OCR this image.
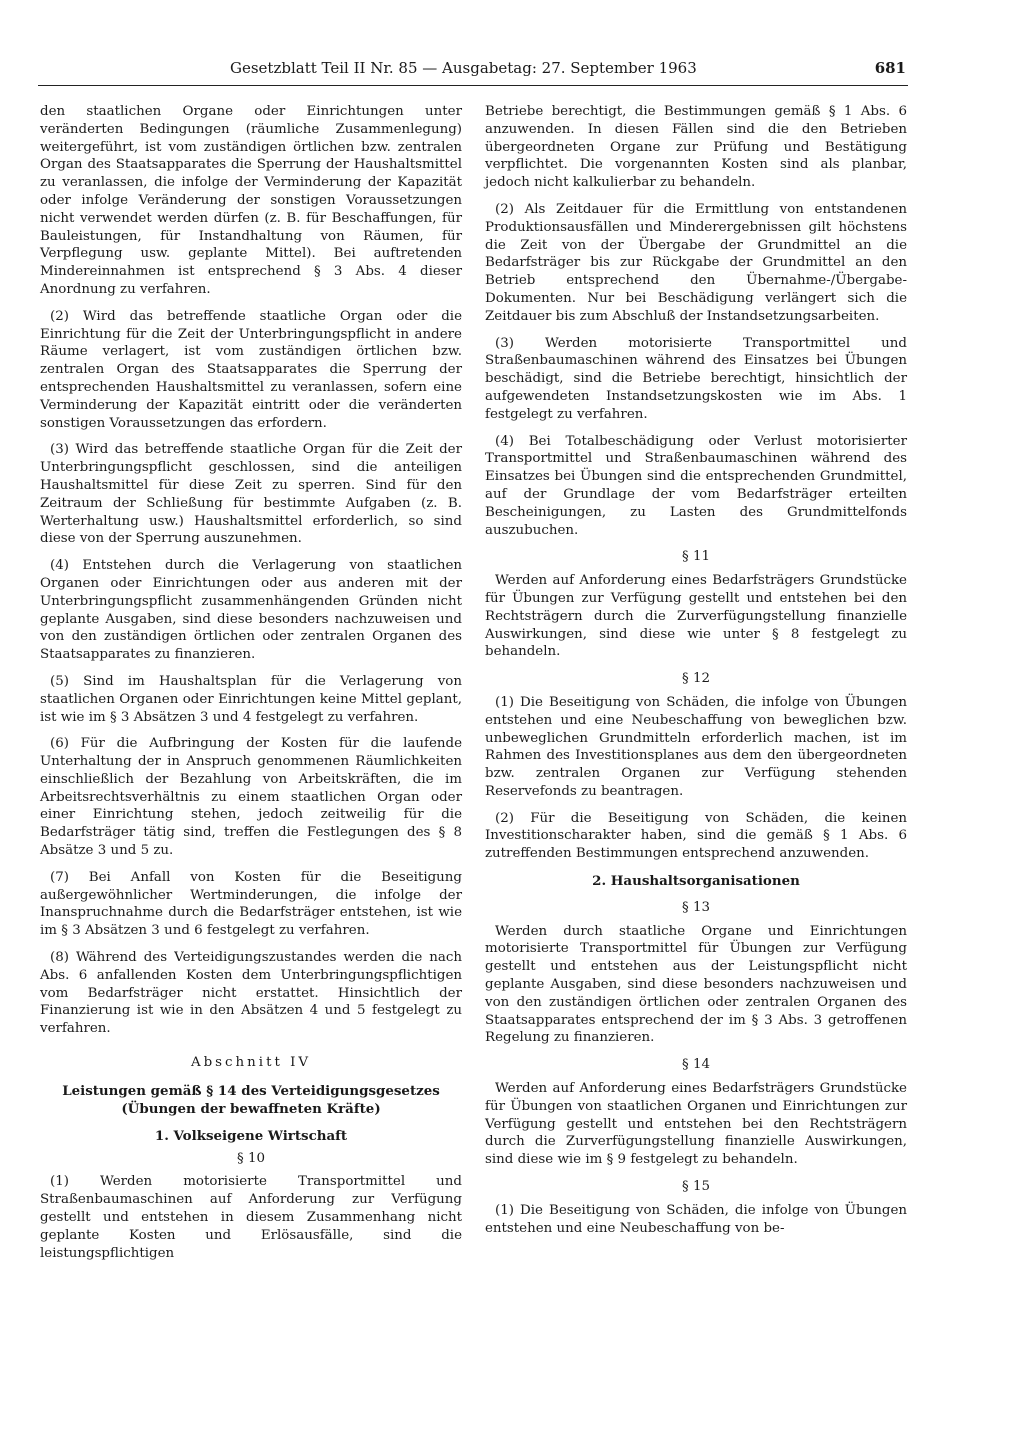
Gesetzblatt Teil II Nr. 85 — Ausgabetag: 27. September 1963	681

den staatlichen Organe oder Einrichtungen unter veränderten Bedingungen (räumliche Zusammenlegung) weitergeführt, ist vom zuständigen örtlichen bzw. zentralen Organ des Staatsapparates die Sperrung der Haushaltsmittel zu veranlassen, die infolge der Verminderung der Kapazität oder infolge Veränderung der sonstigen Voraussetzungen nicht verwendet werden dürfen (z. B. für Beschaffungen, für Bauleistungen, für Instandhaltung von Räumen, für Verpflegung usw. geplante Mittel). Bei auftretenden Mindereinnahmen ist entsprechend § 3 Abs. 4 dieser Anordnung zu verfahren.

(2) Wird das betreffende staatliche Organ oder die Einrichtung für die Zeit der Unterbringungspflicht in andere Räume verlagert, ist vom zuständigen örtlichen bzw. zentralen Organ des Staatsapparates die Sperrung der entsprechenden Haushaltsmittel zu veranlassen, sofern eine Verminderung der Kapazität eintritt oder die veränderten sonstigen Voraussetzungen das erfordern.

(3) Wird das betreffende staatliche Organ für die Zeit der Unterbringungspflicht geschlossen, sind die anteiligen Haushaltsmittel für diese Zeit zu sperren. Sind für den Zeitraum der Schließung für bestimmte Aufgaben (z. B. Werterhaltung usw.) Haushaltsmittel erforderlich, so sind diese von der Sperrung auszunehmen.

(4) Entstehen durch die Verlagerung von staatlichen Organen oder Einrichtungen oder aus anderen mit der Unterbringungspflicht zusammenhängenden Gründen nicht geplante Ausgaben, sind diese besonders nachzuweisen und von den zuständigen örtlichen oder zentralen Organen des Staatsapparates zu finanzieren.

(5) Sind im Haushaltsplan für die Verlagerung von staatlichen Organen oder Einrichtungen keine Mittel geplant, ist wie im § 3 Absätzen 3 und 4 festgelegt zu verfahren.

(6) Für die Aufbringung der Kosten für die laufende Unterhaltung der in Anspruch genommenen Räumlichkeiten einschließlich der Bezahlung von Arbeitskräften, die im Arbeitsrechtsverhältnis zu einem staatlichen Organ oder einer Einrichtung stehen, jedoch zeitweilig für die Bedarfsträger tätig sind, treffen die Festlegungen des § 8 Absätze 3 und 5 zu.

(7) Bei Anfall von Kosten für die Beseitigung außergewöhnlicher Wertminderungen, die infolge der Inanspruchnahme durch die Bedarfsträger entstehen, ist wie im § 3 Absätzen 3 und 6 festgelegt zu verfahren.

(8) Während des Verteidigungszustandes werden die nach Abs. 6 anfallenden Kosten dem Unterbringungspflichtigen vom Bedarfsträger nicht erstattet. Hinsichtlich der Finanzierung ist wie in den Absätzen 4 und 5 festgelegt zu verfahren.

Abschnitt IV
Leistungen gemäß § 14 des Verteidigungsgesetzes
(Übungen der bewaffneten Kräfte)
1. Volkseigene Wirtschaft
§ 10

(1) Werden motorisierte Transportmittel und Straßenbaumaschinen auf Anforderung zur Verfügung gestellt und entstehen in diesem Zusammenhang nicht geplante Kosten und Erlösausfälle, sind die leistungspflichtigen

Betriebe berechtigt, die Bestimmungen gemäß § 1 Abs. 6 anzuwenden. In diesen Fällen sind die den Betrieben übergeordneten Organe zur Prüfung und Bestätigung verpflichtet. Die vorgenannten Kosten sind als planbar, jedoch nicht kalkulierbar zu behandeln.

(2) Als Zeitdauer für die Ermittlung von entstandenen Produktionsausfällen und Minderergebnissen gilt höchstens die Zeit von der Übergabe der Grundmittel an die Bedarfsträger bis zur Rückgabe der Grundmittel an den Betrieb entsprechend den Übernahme-/Übergabe-Dokumenten. Nur bei Beschädigung verlängert sich die Zeitdauer bis zum Abschluß der Instandsetzungsarbeiten.

(3) Werden motorisierte Transportmittel und Straßenbaumaschinen während des Einsatzes bei Übungen beschädigt, sind die Betriebe berechtigt, hinsichtlich der aufgewendeten Instandsetzungskosten wie im Abs. 1 festgelegt zu verfahren.

(4) Bei Totalbeschädigung oder Verlust motorisierter Transportmittel und Straßenbaumaschinen während des Einsatzes bei Übungen sind die entsprechenden Grundmittel, auf der Grundlage der vom Bedarfsträger erteilten Bescheinigungen, zu Lasten des Grundmittelfonds auszubuchen.

§ 11

Werden auf Anforderung eines Bedarfsträgers Grundstücke für Übungen zur Verfügung gestellt und entstehen bei den Rechtsträgern durch die Zurverfügungstellung finanzielle Auswirkungen, sind diese wie unter § 8 festgelegt zu behandeln.

§ 12

(1) Die Beseitigung von Schäden, die infolge von Übungen entstehen und eine Neubeschaffung von beweglichen bzw. unbeweglichen Grundmitteln erforderlich machen, ist im Rahmen des Investitionsplanes aus dem den übergeordneten bzw. zentralen Organen zur Verfügung stehenden Reservefonds zu beantragen.

(2) Für die Beseitigung von Schäden, die keinen Investitionscharakter haben, sind die gemäß § 1 Abs. 6 zutreffenden Bestimmungen entsprechend anzuwenden.

2. Haushaltsorganisationen
§ 13

Werden durch staatliche Organe und Einrichtungen motorisierte Transportmittel für Übungen zur Verfügung gestellt und entstehen aus der Leistungspflicht nicht geplante Ausgaben, sind diese besonders nachzuweisen und von den zuständigen örtlichen oder zentralen Organen des Staatsapparates entsprechend der im § 3 Abs. 3 getroffenen Regelung zu finanzieren.

§ 14

Werden auf Anforderung eines Bedarfsträgers Grundstücke für Übungen von staatlichen Organen und Einrichtungen zur Verfügung gestellt und entstehen bei den Rechtsträgern durch die Zurverfügungstellung finanzielle Auswirkungen, sind diese wie im § 9 festgelegt zu behandeln.

§ 15

(1) Die Beseitigung von Schäden, die infolge von Übungen entstehen und eine Neubeschaffung von be-
